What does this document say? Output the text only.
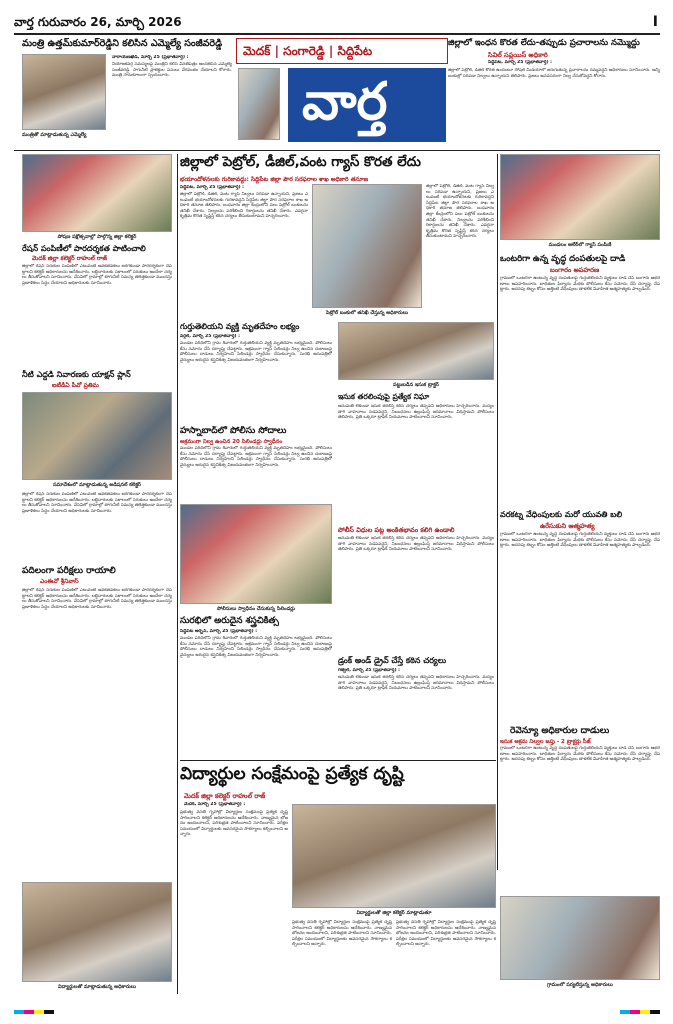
వార్త గురువారం 26, మార్చి 2026	I
మెదక్ | సంగారెడ్డి | సిద్దిపేట
వార్త
మంత్రి ఉత్తమ్‌కుమార్‌రెడ్డిని కలిసిన ఎమ్మెల్యే సంజీవరెడ్డి
మంత్రితో మాట్లాడుతున్న ఎమ్మెల్యే
నారాయణఖేడ్, మార్చి 25 (ప్రభాతవార్త) :
నియోజకవర్గ సమస్యలపై మంత్రిని కలిసి వినతిపత్రం అందజేసిన ఎమ్మెల్యే సంజీవరెడ్డి. సాగునీటి ప్రాజెక్టుల పనులు వేగవంతం చేయాలని కోరారు. మంత్రి సానుకూలంగా స్పందించారు.
జిల్లాలో ఇంధన కొరత లేదు-తప్పుడు ప్రచారాలను నమ్మొద్దు
సివిల్ సప్లయిస్ అధికారి
సిద్దిపేట, మార్చి 25 (ప్రభాతవార్త) :
జిల్లాలో పెట్రోల్, డీజిల్ కొరత ఉందంటూ సోషల్ మీడియాలో జరుగుతున్న ప్రచారాలను నమ్మవద్దని అధికారులు సూచించారు. అన్ని బంకుల్లో సరిపడా నిల్వలు ఉన్నాయని తెలిపారు. ప్రజలు అనవసరంగా నిల్వ చేసుకోవద్దని కోరారు.
పోషణ పక్షోత్సవాల్లో పాల్గొన్న జిల్లా కలెక్టర్
రేషన్ పంపిణీలో పారదర్శకత పాటించాలి
మెదక్ జిల్లా కలెక్టర్ రాహుల్ రాజ్
జిల్లాలో రేషన్ సరుకుల పంపిణీలో ఎటువంటి అవకతవకలు జరగకుండా పారదర్శకంగా చేపట్టాలని కలెక్టర్ అధికారులను ఆదేశించారు. లబ్ధిదారులకు సకాలంలో సరుకులు అందేలా చర్యలు తీసుకోవాలని సూచించారు. వేసవిలో గ్రామాల్లో తాగునీటి సమస్య తలెత్తకుండా ముందస్తు ప్రణాళికలు సిద్ధం చేయాలని అధికారులకు సూచించారు.
నీటి ఎద్దడి నివారణకు యాక్షన్ ప్లాన్
ఐటీడీఏ పీవో ప్రతిమ
సమావేశంలో మాట్లాడుతున్న అడిషనల్ కలెక్టర్
జిల్లాలో రేషన్ సరుకుల పంపిణీలో ఎటువంటి అవకతవకలు జరగకుండా పారదర్శకంగా చేపట్టాలని కలెక్టర్ అధికారులను ఆదేశించారు. లబ్ధిదారులకు సకాలంలో సరుకులు అందేలా చర్యలు తీసుకోవాలని సూచించారు. వేసవిలో గ్రామాల్లో తాగునీటి సమస్య తలెత్తకుండా ముందస్తు ప్రణాళికలు సిద్ధం చేయాలని అధికారులకు సూచించారు.
పదిలంగా పరీక్షలు రాయాలి
ఎంఈవో శ్రీనివాస్
జిల్లాలో రేషన్ సరుకుల పంపిణీలో ఎటువంటి అవకతవకలు జరగకుండా పారదర్శకంగా చేపట్టాలని కలెక్టర్ అధికారులను ఆదేశించారు. లబ్ధిదారులకు సకాలంలో సరుకులు అందేలా చర్యలు తీసుకోవాలని సూచించారు. వేసవిలో గ్రామాల్లో తాగునీటి సమస్య తలెత్తకుండా ముందస్తు ప్రణాళికలు సిద్ధం చేయాలని అధికారులకు సూచించారు.
విద్యార్థులతో మాట్లాడుతున్న అధికారులు
జిల్లాలో పెట్రోల్, డీజిల్,వంట గ్యాస్ కొరత లేదు
భయాందోళనలకు గురికావద్దు: సిద్దిపేట జిల్లా పౌర సరఫరాల శాఖ అధికారి తనూజ
సిద్దిపేట, మార్చి 25 (ప్రభాతవార్త) :
జిల్లాలో పెట్రోల్, డీజిల్, వంట గ్యాస్ నిల్వలు సరిపడా ఉన్నాయని, ప్రజలు ఎటువంటి భయాందోళనలకు గురికావద్దని సిద్దిపేట జిల్లా పౌర సరఫరాల శాఖ అధికారి తనూజ తెలిపారు. బుధవారం జిల్లా కేంద్రంలోని పలు పెట్రోల్ బంకులను తనిఖీ చేశారు. నిల్వలను పరిశీలించి రికార్డులను తనిఖీ చేశారు. ఎవరైనా కృత్రిమ కొరత సృష్టిస్తే కఠిన చర్యలు తీసుకుంటామని హెచ్చరించారు.
పెట్రోల్ బంకులో తనిఖీ చేస్తున్న అధికారులు
జిల్లాలో పెట్రోల్, డీజిల్, వంట గ్యాస్ నిల్వలు సరిపడా ఉన్నాయని, ప్రజలు ఎటువంటి భయాందోళనలకు గురికావద్దని సిద్దిపేట జిల్లా పౌర సరఫరాల శాఖ అధికారి తనూజ తెలిపారు. బుధవారం జిల్లా కేంద్రంలోని పలు పెట్రోల్ బంకులను తనిఖీ చేశారు. నిల్వలను పరిశీలించి రికార్డులను తనిఖీ చేశారు. ఎవరైనా కృత్రిమ కొరత సృష్టిస్తే కఠిన చర్యలు తీసుకుంటామని హెచ్చరించారు.
గుర్తుతెలియని వ్యక్తి మృతదేహం లభ్యం
వర్గల్, మార్చి 25 (ప్రభాతవార్త) :
మండల పరిధిలోని గ్రామ శివారులో గుర్తుతెలియని వ్యక్తి మృతదేహం లభ్యమైంది. పోలీసులు కేసు నమోదు చేసి దర్యాప్తు చేపట్టారు. అక్రమంగా గ్యాస్ సిలిండర్లు నిల్వ ఉంచిన దుకాణంపై పోలీసులు దాడులు నిర్వహించి సిలిండర్లు స్వాధీనం చేసుకున్నారు. సురభి ఆసుపత్రిలో వైద్యులు అరుదైన శస్త్రచికిత్స విజయవంతంగా నిర్వహించారు.
హస్నాబాద్‌లో పోలీసు సోదాలు
అక్రమంగా నిల్వ ఉంచిన 20 సిలిండర్లు స్వాధీనం
మండల పరిధిలోని గ్రామ శివారులో గుర్తుతెలియని వ్యక్తి మృతదేహం లభ్యమైంది. పోలీసులు కేసు నమోదు చేసి దర్యాప్తు చేపట్టారు. అక్రమంగా గ్యాస్ సిలిండర్లు నిల్వ ఉంచిన దుకాణంపై పోలీసులు దాడులు నిర్వహించి సిలిండర్లు స్వాధీనం చేసుకున్నారు. సురభి ఆసుపత్రిలో వైద్యులు అరుదైన శస్త్రచికిత్స విజయవంతంగా నిర్వహించారు.
పోలీసులు స్వాధీనం చేసుకున్న సిలిండర్లు
సురభిలో అరుదైన శస్త్రచికిత్స
సిద్దిపేట అర్బన్, మార్చి 25 (ప్రభాతవార్త) :
మండల పరిధిలోని గ్రామ శివారులో గుర్తుతెలియని వ్యక్తి మృతదేహం లభ్యమైంది. పోలీసులు కేసు నమోదు చేసి దర్యాప్తు చేపట్టారు. అక్రమంగా గ్యాస్ సిలిండర్లు నిల్వ ఉంచిన దుకాణంపై పోలీసులు దాడులు నిర్వహించి సిలిండర్లు స్వాధీనం చేసుకున్నారు. సురభి ఆసుపత్రిలో వైద్యులు అరుదైన శస్త్రచికిత్స విజయవంతంగా నిర్వహించారు.
పట్టుబడిన ఇసుక ట్రాక్టర్
ఇసుక తరలింపుపై ప్రత్యేక నిఘా
అనుమతి లేకుండా ఇసుక తరలిస్తే కఠిన చర్యలు తప్పవని అధికారులు హెచ్చరించారు. మద్యం తాగి వాహనాలు నడపవద్దని, నిబంధనలు ఉల్లంఘిస్తే జరిమానాలు విధిస్తామని పోలీసులు తెలిపారు. ప్రతి ఒక్కరూ ట్రాఫిక్ నియమాలు పాటించాలని సూచించారు.
పోలీస్ విధుల పట్ల అంకితభావం కలిగి ఉండాలి
అనుమతి లేకుండా ఇసుక తరలిస్తే కఠిన చర్యలు తప్పవని అధికారులు హెచ్చరించారు. మద్యం తాగి వాహనాలు నడపవద్దని, నిబంధనలు ఉల్లంఘిస్తే జరిమానాలు విధిస్తామని పోలీసులు తెలిపారు. ప్రతి ఒక్కరూ ట్రాఫిక్ నియమాలు పాటించాలని సూచించారు.
డ్రంక్ అండ్ డ్రైవ్ చేస్తే కఠిన చర్యలు
గజ్వేల్, మార్చి 25 (ప్రభాతవార్త) :
అనుమతి లేకుండా ఇసుక తరలిస్తే కఠిన చర్యలు తప్పవని అధికారులు హెచ్చరించారు. మద్యం తాగి వాహనాలు నడపవద్దని, నిబంధనలు ఉల్లంఘిస్తే జరిమానాలు విధిస్తామని పోలీసులు తెలిపారు. ప్రతి ఒక్కరూ ట్రాఫిక్ నియమాలు పాటించాలని సూచించారు.
మండలం ఆలేర్‌లో గ్యాస్ పంపిణీ
ఒంటరిగా ఉన్న వృద్ధ దంపతులపై దాడి
బంగారం అపహరణ
గ్రామంలో ఒంటరిగా ఉంటున్న వృద్ధ దంపతులపై గుర్తుతెలియని వ్యక్తులు దాడి చేసి బంగారు ఆభరణాలు అపహరించారు. బాధితుల ఫిర్యాదు మేరకు పోలీసులు కేసు నమోదు చేసి దర్యాప్తు చేపట్టారు. అదనపు కట్నం కోసం అత్తింటి వేధింపులు తాళలేక వివాహిత ఆత్మహత్యకు పాల్పడింది.
వరకట్న వేధింపులకు మరో యువతి బలి
ఉరేసుకుని ఆత్మహత్య
గ్రామంలో ఒంటరిగా ఉంటున్న వృద్ధ దంపతులపై గుర్తుతెలియని వ్యక్తులు దాడి చేసి బంగారు ఆభరణాలు అపహరించారు. బాధితుల ఫిర్యాదు మేరకు పోలీసులు కేసు నమోదు చేసి దర్యాప్తు చేపట్టారు. అదనపు కట్నం కోసం అత్తింటి వేధింపులు తాళలేక వివాహిత ఆత్మహత్యకు పాల్పడింది.
రెవెన్యూ అధికారుల దాడులు
ఇసుక అక్రమ నిల్వల జప్తు - 2 ట్రాక్టర్లు సీజ్
గ్రామంలో ఒంటరిగా ఉంటున్న వృద్ధ దంపతులపై గుర్తుతెలియని వ్యక్తులు దాడి చేసి బంగారు ఆభరణాలు అపహరించారు. బాధితుల ఫిర్యాదు మేరకు పోలీసులు కేసు నమోదు చేసి దర్యాప్తు చేపట్టారు. అదనపు కట్నం కోసం అత్తింటి వేధింపులు తాళలేక వివాహిత ఆత్మహత్యకు పాల్పడింది.
గ్రామంలో పర్యటిస్తున్న అధికారులు
విద్యార్థుల సంక్షేమంపై ప్రత్యేక దృష్టి
మెదక్ జిల్లా కలెక్టర్ రాహుల్ రాజ్
మెదక్, మార్చి 25 (ప్రభాతవార్త) :
ప్రభుత్వ వసతి గృహాల్లో విద్యార్థుల సంక్షేమంపై ప్రత్యేక దృష్టి సారించాలని కలెక్టర్ అధికారులను ఆదేశించారు. నాణ్యమైన భోజనం అందించాలని, పరిశుభ్రత పాటించాలని సూచించారు. పరీక్షల సమయంలో విద్యార్థులకు అవసరమైన సౌకర్యాలు కల్పించాలని అన్నారు.
విద్యార్థులతో జిల్లా కలెక్టర్ మాట్లాడుతూ
ప్రభుత్వ వసతి గృహాల్లో విద్యార్థుల సంక్షేమంపై ప్రత్యేక దృష్టి సారించాలని కలెక్టర్ అధికారులను ఆదేశించారు. నాణ్యమైన భోజనం అందించాలని, పరిశుభ్రత పాటించాలని సూచించారు. పరీక్షల సమయంలో విద్యార్థులకు అవసరమైన సౌకర్యాలు కల్పించాలని అన్నారు.
ప్రభుత్వ వసతి గృహాల్లో విద్యార్థుల సంక్షేమంపై ప్రత్యేక దృష్టి సారించాలని కలెక్టర్ అధికారులను ఆదేశించారు. నాణ్యమైన భోజనం అందించాలని, పరిశుభ్రత పాటించాలని సూచించారు. పరీక్షల సమయంలో విద్యార్థులకు అవసరమైన సౌకర్యాలు కల్పించాలని అన్నారు.
